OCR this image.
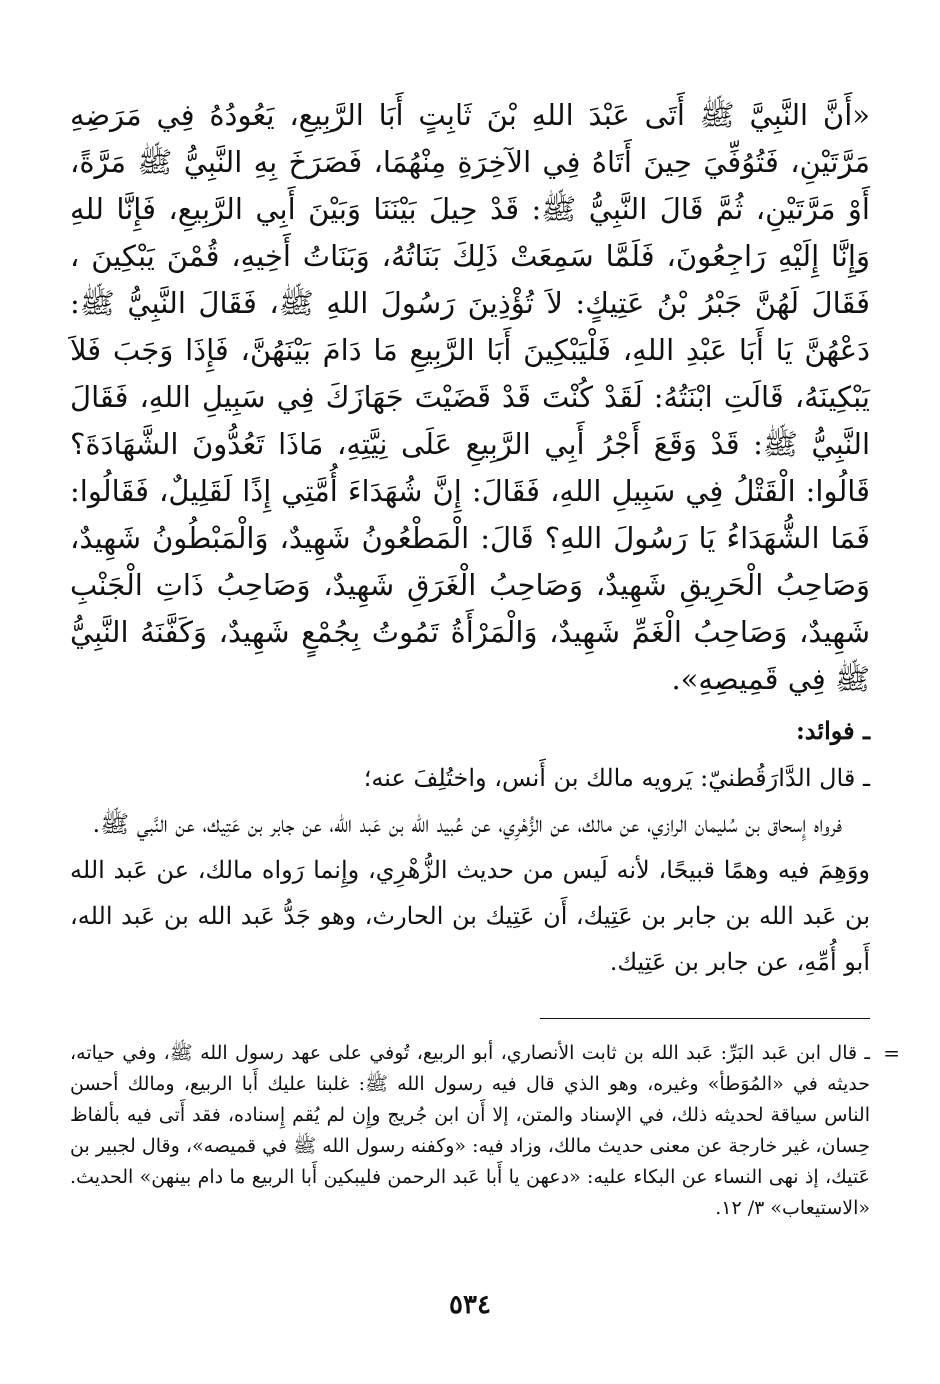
«أَنَّ النَّبِيَّ ﷺ أَتَى عَبْدَ اللهِ بْنَ ثَابِتٍ أَبَا الرَّبِيعِ، يَعُودُهُ فِي مَرَضِهِ مَرَّتَيْنِ، فَتُوُفِّيَ حِينَ أَتَاهُ فِي الآخِرَةِ مِنْهُمَا، فَصَرَخَ بِهِ النَّبِيُّ ﷺ مَرَّةً، أَوْ مَرَّتَيْنِ، ثُمَّ قَالَ النَّبِيُّ ﷺ: قَدْ حِيلَ بَيْنَنَا وَبَيْنَ أَبِي الرَّبِيعِ، فَإِنَّا للهِ وَإِنَّا إِلَيْهِ رَاجِعُونَ، فَلَمَّا سَمِعَتْ ذَلِكَ بَنَاتُهُ، وَبَنَاتُ أَخِيهِ، قُمْنَ يَبْكِينَ ، فَقَالَ لَهُنَّ جَبْرُ بْنُ عَتِيكٍ: لاَ تُؤْذِينَ رَسُولَ اللهِ ﷺ، فَقَالَ النَّبِيُّ ﷺ: دَعْهُنَّ يَا أَبَا عَبْدِ اللهِ، فَلْيَبْكِينَ أَبَا الرَّبِيعِ مَا دَامَ بَيْنَهُنَّ، فَإِذَا وَجَبَ فَلاَ يَبْكِينَهُ، قَالَتِ ابْنَتُهُ: لَقَدْ كُنْتَ قَدْ قَضَيْتَ جَهَازَكَ فِي سَبِيلِ اللهِ، فَقَالَ النَّبِيُّ ﷺ: قَدْ وَقَعَ أَجْرُ أَبِي الرَّبِيعِ عَلَى نِيَّتِهِ، مَاذَا تَعُدُّونَ الشَّهَادَةَ؟ قَالُوا: الْقَتْلُ فِي سَبِيلِ اللهِ، فَقَالَ: إِنَّ شُهَدَاءَ أُمَّتِي إِذًا لَقَلِيلٌ، فَقَالُوا: فَمَا الشُّهَدَاءُ يَا رَسُولَ اللهِ؟ قَالَ: الْمَطْعُونُ شَهِيدٌ، وَالْمَبْطُونُ شَهِيدٌ، وَصَاحِبُ الْحَرِيقِ شَهِيدٌ، وَصَاحِبُ الْغَرَقِ شَهِيدٌ، وَصَاحِبُ ذَاتِ الْجَنْبِ شَهِيدٌ، وَصَاحِبُ الْغَمِّ شَهِيدٌ، وَالْمَرْأَةُ تَمُوتُ بِجُمْعٍ شَهِيدٌ، وَكَفَّنَهُ النَّبِيُّ ﷺ فِي قَمِيصِهِ».

ـ فوائد:

ـ قال الدَّارَقُطنيّ: يَرويه مالك بن أَنس، واختُلِفَ عنه؛

فرواه إِسحاق بن سُليمان الرازي، عن مالك، عن الزُّهْرِي، عن عُبيد الله بن عَبد الله، عن جابر بن عَتِيك، عن النَّبي ﷺ.

ووَهِمَ فيه وهمًا قبيحًا، لأنه لَيس من حديث الزُّهْرِي، وإِنما رَواه مالك، عن عَبد الله بن عَبد الله بن جابر بن عَتِيك، أَن عَتِيك بن الحارث، وهو جَدُّ عَبد الله بن عَبد الله، أَبو أُمِّهِ، عن جابر بن عَتِيك.

=

ـ قال ابن عَبد البَرِّ: عَبد الله بن ثابت الأنصاري، أبو الربيع، تُوفي على عهد رسول الله ﷺ، وفي حياته، حديثه في «المُوَطأ» وغيره، وهو الذي قال فيه رسول الله ﷺ: غلبنا عليك أَبا الربيع، ومالك أحسن الناس سياقة لحديثه ذلك، في الإسناد والمتن، إلا أَن ابن جُريج وإِن لم يُقم إِسناده، فقد أَتى فيه بألفاظ حِسان، غير خارجة عن معنى حديث مالك، وزاد فيه: «وكفنه رسول الله ﷺ في قميصه»، وقال لجبير بن عَتيك، إذ نهى النساء عن البكاء عليه: «دعهن يا أَبا عَبد الرحمن فليبكين أَبا الربيع ما دام بينهن» الحديث. «الاستيعاب» ٣/ ١٢.

٥٣٤
